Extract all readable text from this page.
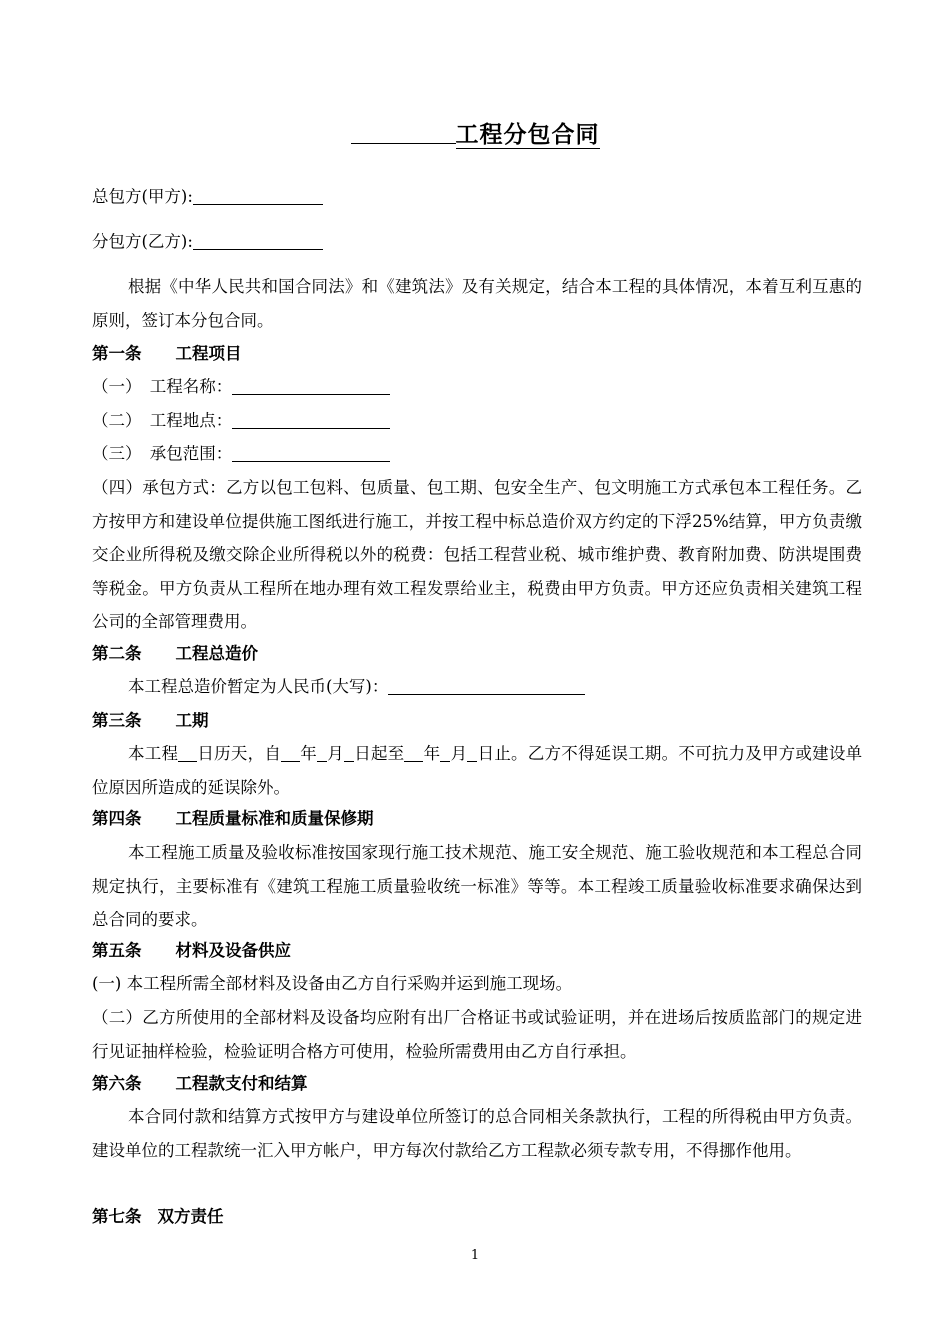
工程分包合同
总包方(甲方):
分包方(乙方):
根据《中华人民共和国合同法》和《建筑法》及有关规定，结合本工程的具体情况，本着互利互惠的原则，签订本分包合同。
第一条 工程项目
（一）　工程名称：
（二）　工程地点：
（三）　承包范围：
（四）承包方式：乙方以包工包料、包质量、包工期、包安全生产、包文明施工方式承包本工程任务。乙方按甲方和建设单位提供施工图纸进行施工，并按工程中标总造价双方约定的下浮25%结算，甲方负责缴交企业所得税及缴交除企业所得税以外的税费：包括工程营业税、城市维护费、教育附加费、防洪堤围费等税金。甲方负责从工程所在地办理有效工程发票给业主，税费由甲方负责。甲方还应负责相关建筑工程公司的全部管理费用。
第二条 工程总造价
本工程总造价暂定为人民币(大写)：
第三条 工期
本工程 日历天，自 年 月 日起至 年 月 日止。乙方不得延误工期。不可抗力及甲方或建设单位原因所造成的延误除外。
第四条 工程质量标准和质量保修期
本工程施工质量及验收标准按国家现行施工技术规范、施工安全规范、施工验收规范和本工程总合同规定执行，主要标准有《建筑工程施工质量验收统一标准》等等。本工程竣工质量验收标准要求确保达到总合同的要求。
第五条 材料及设备供应
(一) 本工程所需全部材料及设备由乙方自行采购并运到施工现场。
（二）乙方所使用的全部材料及设备均应附有出厂合格证书或试验证明，并在进场后按质监部门的规定进行见证抽样检验，检验证明合格方可使用，检验所需费用由乙方自行承担。
第六条 工程款支付和结算
本合同付款和结算方式按甲方与建设单位所签订的总合同相关条款执行，工程的所得税由甲方负责。建设单位的工程款统一汇入甲方帐户，甲方每次付款给乙方工程款必须专款专用，不得挪作他用。
第七条 双方责任
1
